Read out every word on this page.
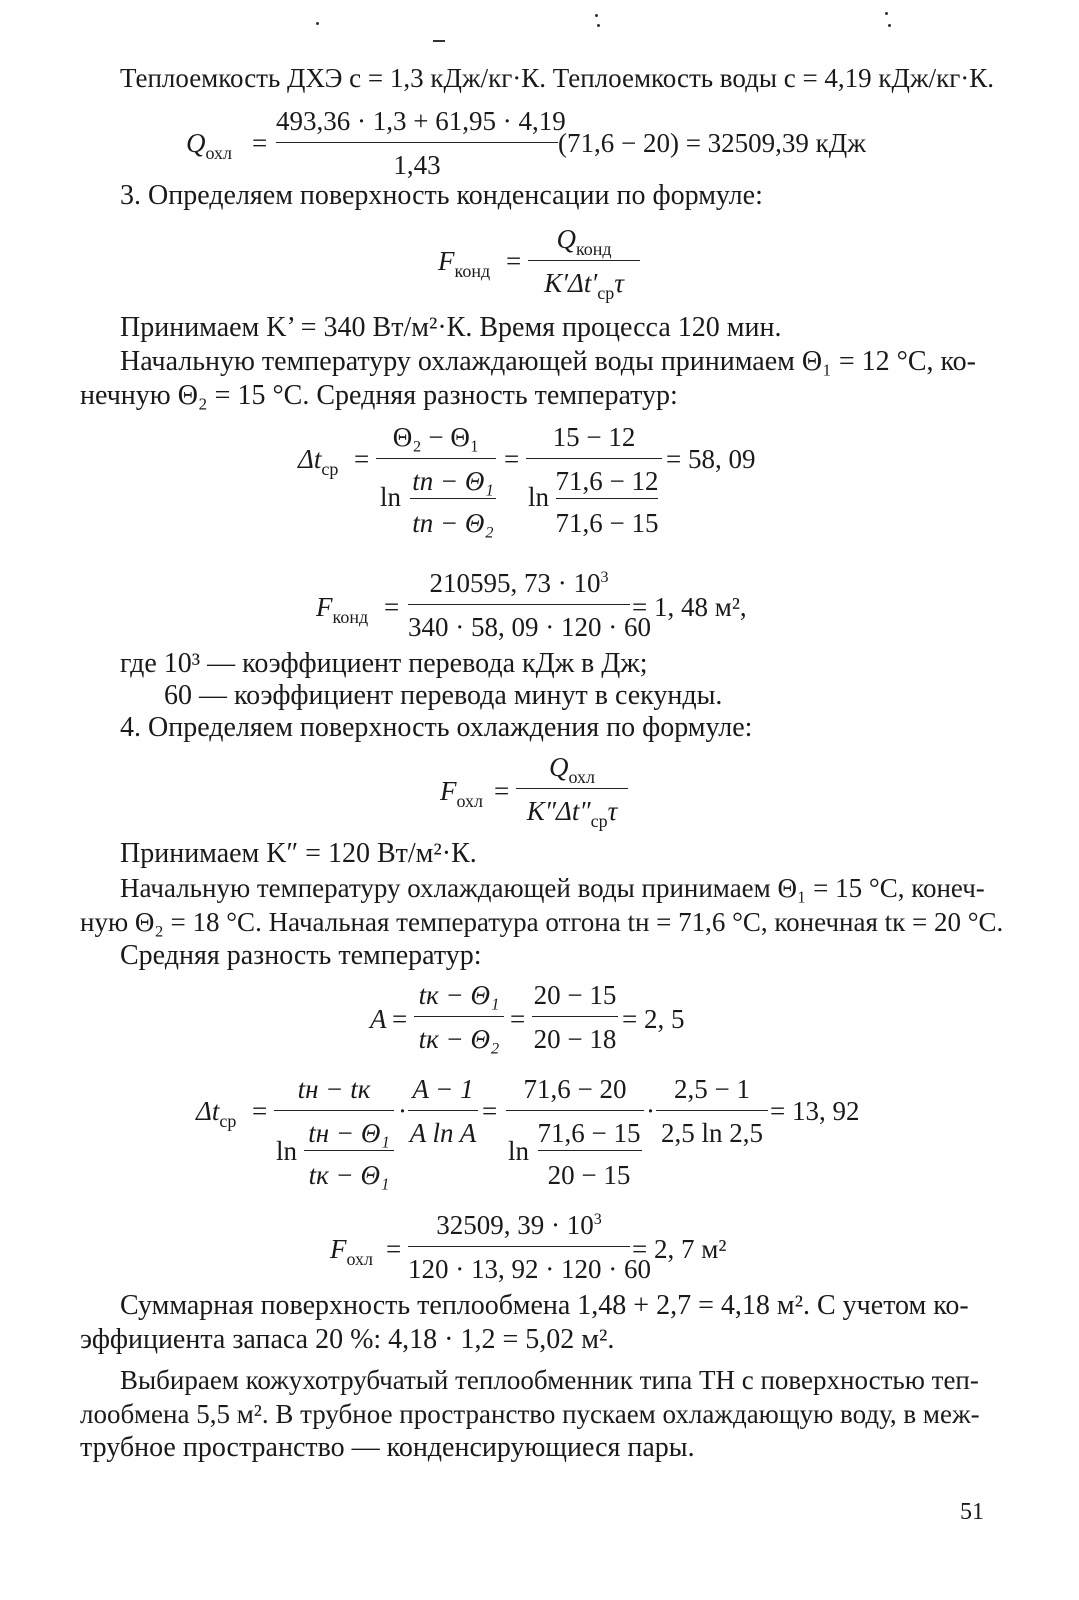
Теплоемкость ДХЭ с = 1,3 кДж/кг·К. Теплоемкость воды с = 4,19 кДж/кг·К.
$Q_{охл}$ =
493,36 · 1,3 + 61,95 · 4,19
1,43
(71,6 − 20) = 32509,39 кДж
3. Определяем поверхность конденсации по формуле:
$F_{конд}$ =
$Q_{конд}$
$K'\Delta t'_{ср}\tau$
Принимаем K’ = 340 Вт/м²·К. Время процесса 120 мин.
Начальную температуру охлаждающей воды принимаем Θ₁ = 12 °С, ко-
нечную Θ₂ = 15 °С. Средняя разность температур:
$\Delta t_{ср}$ =
Θ₂ − Θ₁
ln
tп − Θ₁
tп − Θ₂
=
15 − 12
ln
71,6 − 12
71,6 − 15
= 58, 09
$F_{конд}$ =
210595, $73 \cdot 10^3$
340 · 58, 09 · 120 · 60
= 1, 48 м²,
где 10³ — коэффициент перевода кДж в Дж;
60 — коэффициент перевода минут в секунды.
4. Определяем поверхность охлаждения по формуле:
$F_{охл}$ =
$Q_{охл}$
$K''\Delta t''_{ср}\tau$
Принимаем K″ = 120 Вт/м²·К.
Начальную температуру охлаждающей воды принимаем Θ₁ = 15 °С, конеч-
ную Θ₂ = 18 °С. Начальная температура отгона tн = 71,6 °С, конечная tк = 20 °С.
Средняя разность температур:
A =
tк − Θ₁
tк − Θ₂
=
20 − 15
20 − 18
= 2, 5
$\Delta t_{ср}$ =
tн − tк
ln
tн − Θ₁
tк − Θ₁
·
A − 1
A ln A
=
71,6 − 20
ln
71,6 − 15
20 − 15
·
2,5 − 1
2,5 ln 2,5
= 13, 92
$F_{охл}$ =
32509, $39 \cdot 10^3$
120 · 13, 92 · 120 · 60
= 2, 7 м²
Суммарная поверхность теплообмена 1,48 + 2,7 = 4,18 м². С учетом ко-
эффициента запаса 20 %: 4,18 · 1,2 = 5,02 м².
Выбираем кожухотрубчатый теплообменник типа ТН с поверхностью теп-
лообмена 5,5 м². В трубное пространство пускаем охлаждающую воду, в меж-
трубное пространство — конденсирующиеся пары.
51
